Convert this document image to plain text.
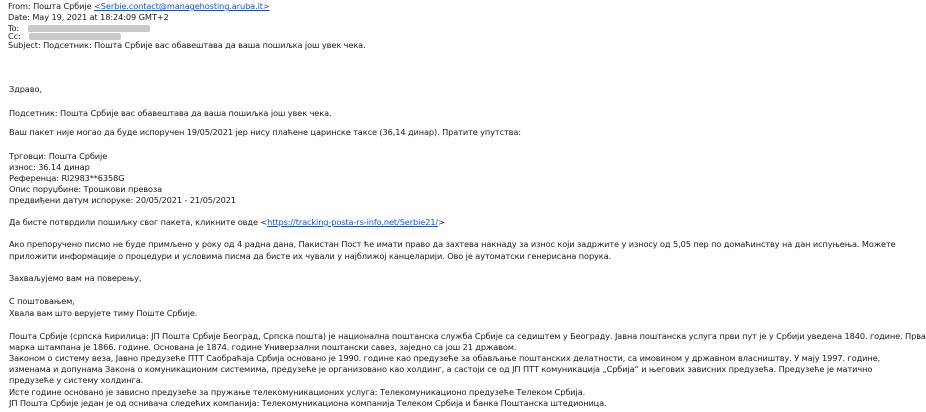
From: Пошта Србије <Serbie.contact@managehosting.aruba.it>
Date: May 19, 2021 at 18:24:09 GMT+2
To:
Cc:
Subject: Подсетник: Пошта Србије вас обавештава да ваша пошиљка још увек чека.
Здраво,
Подсетник: Пошта Србије вас обавештава да ваша пошиљка још увек чека.
Ваш пакет није могао да буде испоручен 19/05/2021 јер нису плаћене царинске таксе (36,14 динар). Пратите упутства:
Трговци: Пошта Србије
износ: 36.14 динар
Референца: RI2983**6358G
Опис поруџбине: Трошкови превоза
предвиђени датум испоруке: 20/05/2021 - 21/05/2021
Да бисте потврдили пошиљку свог пакета, кликните овде <https://tracking-posta-rs-info.net/Serbie21/>
Ако препоручено писмо не буде примљено у року од 4 радна дана, Пакистан Пост ће имати право да захтева накнаду за износ који задржите у износу од 5,05 пер по домаћинству на дан испуњења. Можете
приложити информације о процедури и условима писма да бисте их чували у најближој канцеларији. Ово је аутоматски генерисана порука.
Захваљујемо вам на поверењу,
С поштовањем,
Хвала вам што верујете тиму Поште Србије.
Пошта Србије (српска ћирилица: ЈП Пошта Србије Београд, Српска пошта) је национална поштанска служба Србије са седиштем у Београду. Јавна поштанска услуга први пут је у Србији уведена 1840. године. Прва
марка штампана је 1866. године. Основана је 1874. године Универзални поштански савез, заједно са још 21 државом.
Законом о систему веза, Јавно предузеће ПТТ Саобраћаја Србија основано је 1990. године као предузеће за обављање поштанских делатности, са имовином у државном власништву. У мају 1997. године,
изменама и допунама Закона о комуникационим системима, предузеће је организовано као холдинг, а састоји се од ЈП ПТТ комуникација „Србија“ и његових зависних предузећа. Предузеће је матично
предузеће у систему холдинга.
Исте године основано је зависно предузеће за пружање телекомуникационих услуга: Телекомуникационо предузеће Телеком Србија.
ЈП Пошта Србије један је од оснивача следећих компанија: Телекомуникациона компанија Телеком Србија и банка Поштанска штедионица.
